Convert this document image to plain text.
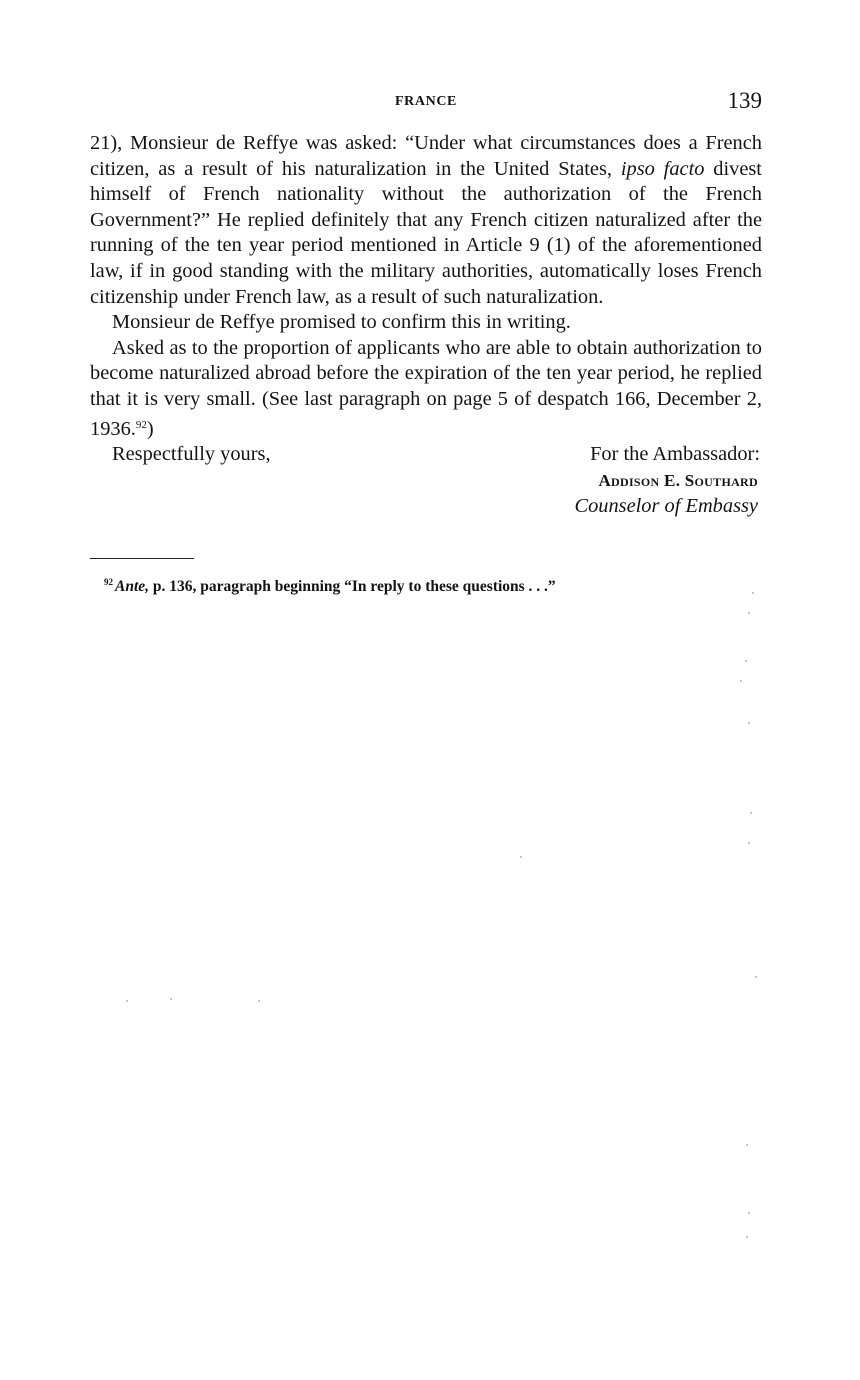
FRANCE	139

21), Monsieur de Reffye was asked: “Under what circumstances does a French citizen, as a result of his naturalization in the United States, ipso facto divest himself of French nationality without the authorization of the French Government?” He replied definitely that any French citizen naturalized after the running of the ten year period mentioned in Article 9 (1) of the aforementioned law, if in good standing with the military authorities, automatically loses French citizenship under French law, as a result of such naturalization.

Monsieur de Reffye promised to confirm this in writing.

Asked as to the proportion of applicants who are able to obtain authorization to become naturalized abroad before the expiration of the ten year period, he replied that it is very small. (See last paragraph on page 5 of despatch 166, December 2, 1936.92)

Respectfully yours,	For the Ambassador:
Addison E. Southard
Counselor of Embassy
$^{92}$ Ante, p. 136, paragraph beginning “In reply to these questions . . .”
